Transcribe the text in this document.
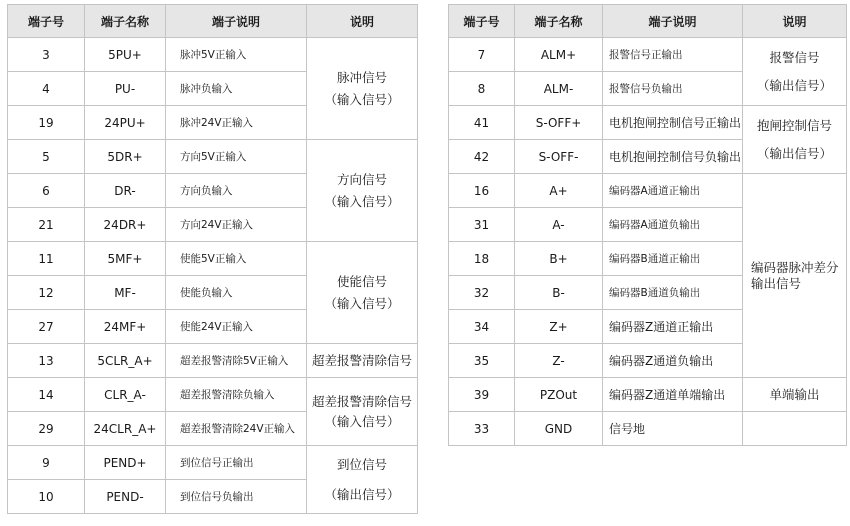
端子号	端子名称	端子说明	说明
3	5PU+	脉冲5V正输入	脉冲信号
（输入信号）
4	PU-	脉冲负输入	
19	24PU+	脉冲24V正输入	
5	5DR+	方向5V正输入	方向信号
（输入信号）
6	DR-	方向负输入	
21	24DR+	方向24V正输入	
11	5MF+	使能5V正输入	使能信号
（输入信号）
12	MF-	使能负输入	
27	24MF+	使能24V正输入	
13	5CLR_A+	超差报警清除5V正输入	超差报警清除信号
14	CLR_A-	超差报警清除负输入	超差报警清除信号
（输入信号）
29	24CLR_A+	超差报警清除24V正输入	
9	PEND+	到位信号正输出	到位信号
（输出信号）
10	PEND-	到位信号负输出	
端子号	端子名称	端子说明	说明
7	ALM+	报警信号正输出	报警信号
（输出信号）
8	ALM-	报警信号负输出	
41	S-OFF+	电机抱闸控制信号正输出	抱闸控制信号
（输出信号）
42	S-OFF-	电机抱闸控制信号负输出	
16	A+	编码器A通道正输出	编码器脉冲差分
输出信号
31	A-	编码器A通道负输出	
18	B+	编码器B通道正输出	
32	B-	编码器B通道负输出	
34	Z+	编码器Z通道正输出	
35	Z-	编码器Z通道负输出	
39	PZOut	编码器Z通道单端输出	单端输出
33	GND	信号地	
